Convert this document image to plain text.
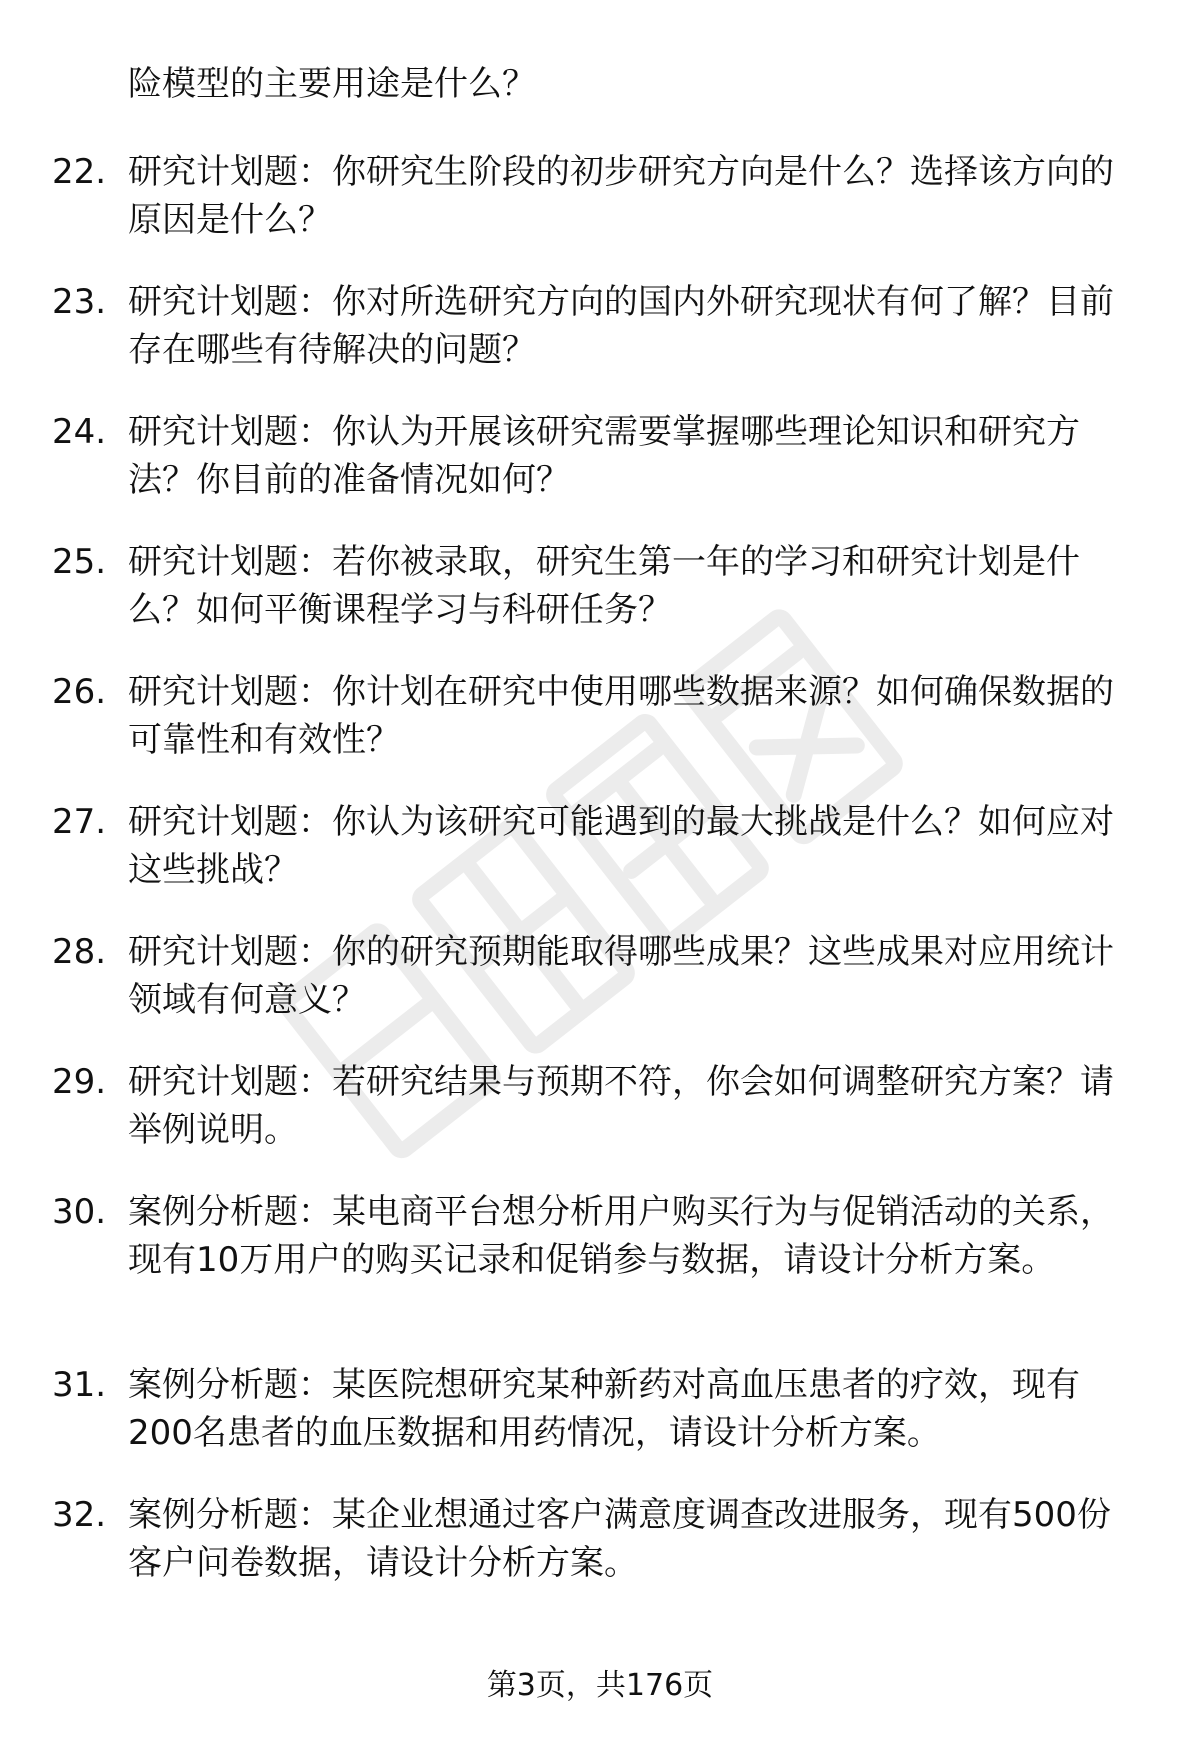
险模型的主要用途是什么？

22. 研究计划题：你研究生阶段的初步研究方向是什么？选择该方向的原因是什么？

23. 研究计划题：你对所选研究方向的国内外研究现状有何了解？目前存在哪些有待解决的问题？

24. 研究计划题：你认为开展该研究需要掌握哪些理论知识和研究方法？你目前的准备情况如何？

25. 研究计划题：若你被录取，研究生第一年的学习和研究计划是什么？如何平衡课程学习与科研任务？

26. 研究计划题：你计划在研究中使用哪些数据来源？如何确保数据的可靠性和有效性？

27. 研究计划题：你认为该研究可能遇到的最大挑战是什么？如何应对这些挑战？

28. 研究计划题：你的研究预期能取得哪些成果？这些成果对应用统计领域有何意义？

29. 研究计划题：若研究结果与预期不符，你会如何调整研究方案？请举例说明。

30. 案例分析题：某电商平台想分析用户购买行为与促销活动的关系，现有10万用户的购买记录和促销参与数据，请设计分析方案。

31. 案例分析题：某医院想研究某种新药对高血压患者的疗效，现有200名患者的血压数据和用药情况，请设计分析方案。

32. 案例分析题：某企业想通过客户满意度调查改进服务，现有500份客户问卷数据，请设计分析方案。

第3页，共176页
